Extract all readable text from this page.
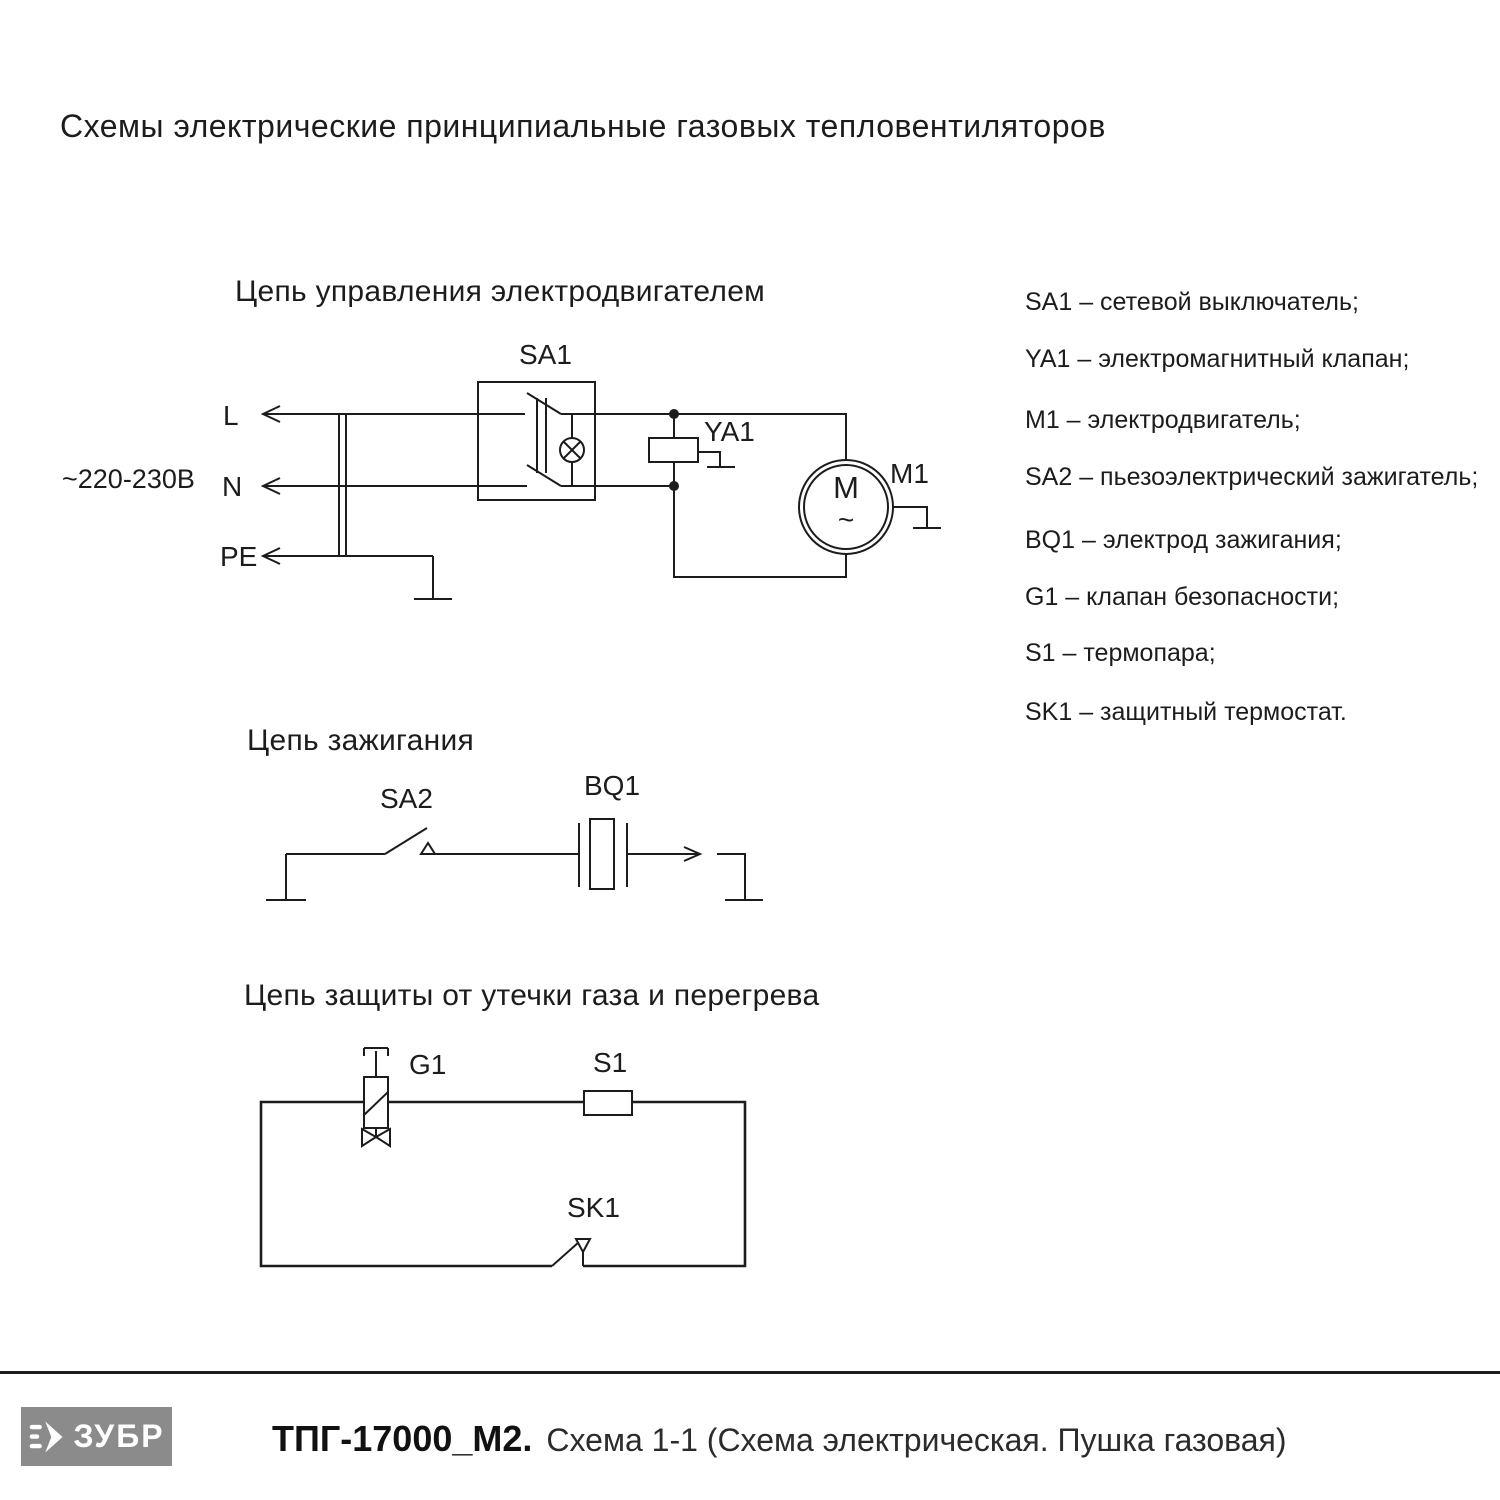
Схемы электрические принципиальные газовых тепловентиляторов
Цепь управления электродвигателем
~220-230В
L
N
PE
SA1
YA1
M1
M
~
Цепь зажигания
SA2	BQ1
Цепь защиты от утечки газа и перегрева
G1	S1
SK1
SA1 – сетевой выключатель;
YA1 – электромагнитный клапан;
M1 – электродвигатель;
SA2 – пьезоэлектрический зажигатель;
BQ1 – электрод зажигания;
G1 – клапан безопасности;
S1 – термопара;
SK1 – защитный термостат.
ЗУБР	ТПГ-17000_М2. Схема 1-1 (Схема электрическая. Пушка газовая)
